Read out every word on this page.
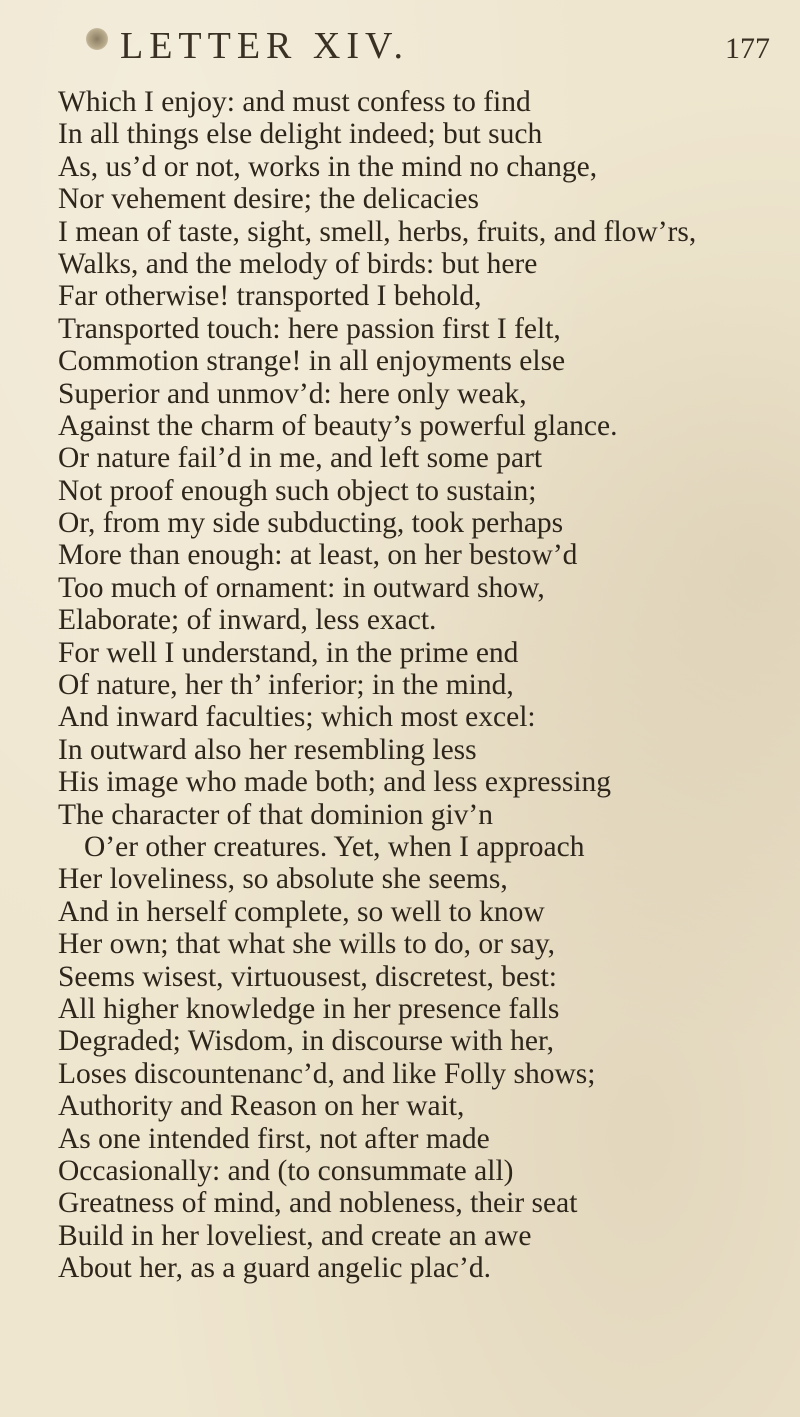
LETTER XIV.	177
Which I enjoy: and must confess to find
In all things else delight indeed; but such
As, us’d or not, works in the mind no change,
Nor vehement desire; the delicacies
I mean of taste, sight, smell, herbs, fruits, and flow’rs,
Walks, and the melody of birds: but here
Far otherwise! transported I behold,
Transported touch: here passion first I felt,
Commotion strange! in all enjoyments else
Superior and unmov’d: here only weak,
Against the charm of beauty’s powerful glance.
Or nature fail’d in me, and left some part
Not proof enough such object to sustain;
Or, from my side subducting, took perhaps
More than enough: at least, on her bestow’d
Too much of ornament: in outward show,
Elaborate; of inward, less exact.
For well I understand, in the prime end
Of nature, her th’ inferior; in the mind,
And inward faculties; which most excel:
In outward also her resembling less
His image who made both; and less expressing
The character of that dominion giv’n
O’er other creatures. Yet, when I approach
Her loveliness, so absolute she seems,
And in herself complete, so well to know
Her own; that what she wills to do, or say,
Seems wisest, virtuousest, discretest, best:
All higher knowledge in her presence falls
Degraded; Wisdom, in discourse with her,
Loses discountenanc’d, and like Folly shows;
Authority and Reason on her wait,
As one intended first, not after made
Occasionally: and (to consummate all)
Greatness of mind, and nobleness, their seat
Build in her loveliest, and create an awe
About her, as a guard angelic plac’d.
